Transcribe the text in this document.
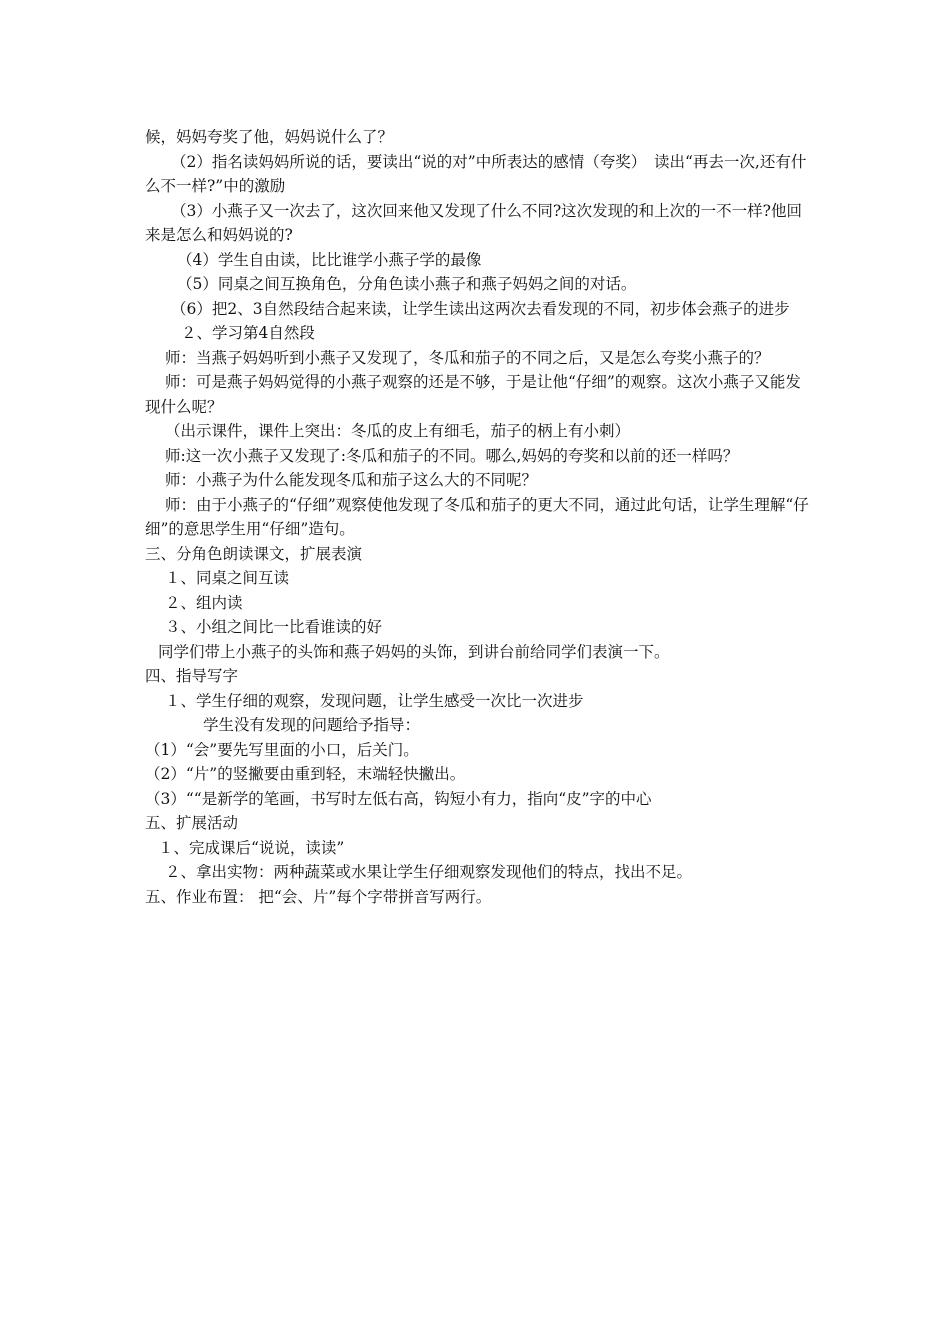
候，妈妈夸奖了他，妈妈说什么了？

（2）指名读妈妈所说的话，要读出“说的对”中所表达的感情（夸奖）　读出“再去一次,还有什么不一样?”中的激励

（3）小燕子又一次去了，这次回来他又发现了什么不同?这次发现的和上次的一不一样?他回来是怎么和妈妈说的?

（4）学生自由读，比比谁学小燕子学的最像

（5）同桌之间互换角色，分角色读小燕子和燕子妈妈之间的对话。

（6）把2、3自然段结合起来读，让学生读出这两次去看发现的不同，初步体会燕子的进步

２、学习第4自然段

师：当燕子妈妈听到小燕子又发现了，冬瓜和茄子的不同之后，又是怎么夸奖小燕子的？

师：可是燕子妈妈觉得的小燕子观察的还是不够，于是让他“仔细”的观察。这次小燕子又能发现什么呢？

（出示课件，课件上突出：冬瓜的皮上有细毛，茄子的柄上有小刺）

师:这一次小燕子又发现了:冬瓜和茄子的不同。哪么,妈妈的夸奖和以前的还一样吗？

师：小燕子为什么能发现冬瓜和茄子这么大的不同呢？

师：由于小燕子的“仔细”观察使他发现了冬瓜和茄子的更大不同，通过此句话，让学生理解“仔细”的意思学生用“仔细”造句。

三、分角色朗读课文，扩展表演

１、同桌之间互读

２、组内读

３、小组之间比一比看谁读的好

同学们带上小燕子的头饰和燕子妈妈的头饰，到讲台前给同学们表演一下。

四、指导写字

１、学生仔细的观察，发现问题，让学生感受一次比一次进步

学生没有发现的问题给予指导：

（1）“会”要先写里面的小口，后关门。

（2）“片”的竖撇要由重到轻，末端轻快撇出。

（3）““是新学的笔画，书写时左低右高，钩短小有力，指向“皮”字的中心

五、扩展活动

１、完成课后“说说，读读”

２、拿出实物：两种蔬菜或水果让学生仔细观察发现他们的特点，找出不足。

五、作业布置： 把“会、片”每个字带拼音写两行。
